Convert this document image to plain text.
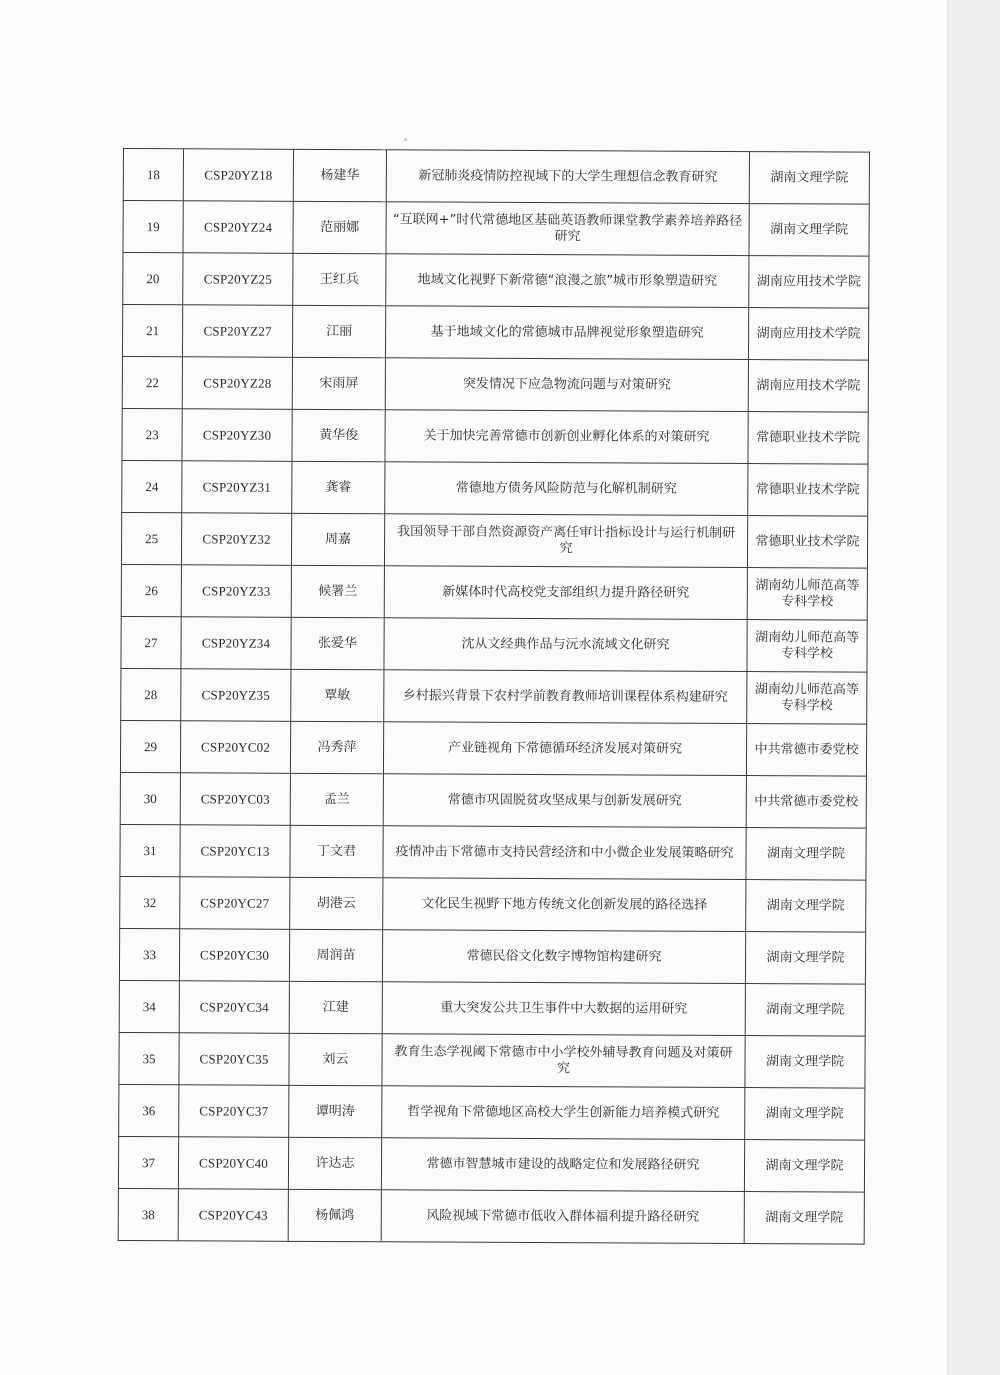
18	CSP20YZ18	杨建华	新冠肺炎疫情防控视域下的大学生理想信念教育研究	湖南文理学院
19	CSP20YZ24	范丽娜	“互联网+”时代常德地区基础英语教师课堂教学素养培养路径研究	湖南文理学院
20	CSP20YZ25	王红兵	地域文化视野下新常德“浪漫之旅”城市形象塑造研究	湖南应用技术学院
21	CSP20YZ27	江丽	基于地域文化的常德城市品牌视觉形象塑造研究	湖南应用技术学院
22	CSP20YZ28	宋雨屏	突发情况下应急物流问题与对策研究	湖南应用技术学院
23	CSP20YZ30	黄华俊	关于加快完善常德市创新创业孵化体系的对策研究	常德职业技术学院
24	CSP20YZ31	龚睿	常德地方债务风险防范与化解机制研究	常德职业技术学院
25	CSP20YZ32	周嘉	我国领导干部自然资源资产离任审计指标设计与运行机制研究	常德职业技术学院
26	CSP20YZ33	候署兰	新媒体时代高校党支部组织力提升路径研究	湖南幼儿师范高等专科学校
27	CSP20YZ34	张爱华	沈从文经典作品与沅水流域文化研究	湖南幼儿师范高等专科学校
28	CSP20YZ35	覃敏	乡村振兴背景下农村学前教育教师培训课程体系构建研究	湖南幼儿师范高等专科学校
29	CSP20YC02	冯秀萍	产业链视角下常德循环经济发展对策研究	中共常德市委党校
30	CSP20YC03	孟兰	常德市巩固脱贫攻坚成果与创新发展研究	中共常德市委党校
31	CSP20YC13	丁文君	疫情冲击下常德市支持民营经济和中小微企业发展策略研究	湖南文理学院
32	CSP20YC27	胡港云	文化民生视野下地方传统文化创新发展的路径选择	湖南文理学院
33	CSP20YC30	周润苗	常德民俗文化数字博物馆构建研究	湖南文理学院
34	CSP20YC34	江建	重大突发公共卫生事件中大数据的运用研究	湖南文理学院
35	CSP20YC35	刘云	教育生态学视阈下常德市中小学校外辅导教育问题及对策研究	湖南文理学院
36	CSP20YC37	谭明涛	哲学视角下常德地区高校大学生创新能力培养模式研究	湖南文理学院
37	CSP20YC40	许达志	常德市智慧城市建设的战略定位和发展路径研究	湖南文理学院
38	CSP20YC43	杨佩鸿	风险视域下常德市低收入群体福利提升路径研究	湖南文理学院
